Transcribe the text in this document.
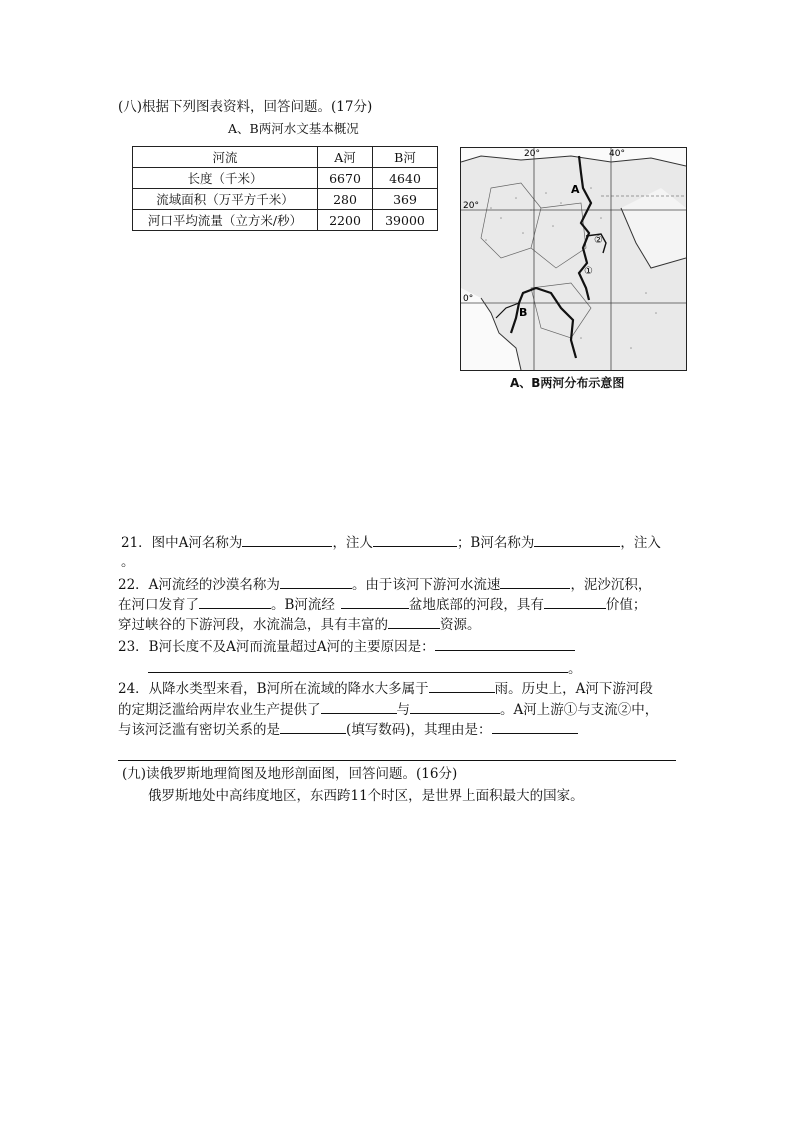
(八)根据下列图表资料，回答问题。(17分)
A、B两河水文基本概况
河流	A河	B河
长度（千米）	6670	4640
流域面积（万平方千米）	280	369
河口平均流量（立方米/秒）	2200	39000
20°	40°
20°
0°
A
B
②
①
A、B两河分布示意图
21．图中A河名称为	，注人	；B河名称为	，注入
。
22．A河流经的沙漠名称为	。由于该河下游河水流速	，泥沙沉积，
在河口发育了	。B河流经	盆地底部的河段，具有	价值；
穿过峡谷的下游河段，水流湍急，具有丰富的	资源。
23．B河长度不及A河而流量超过A河的主要原因是：
。
24．从降水类型来看，B河所在流域的降水大多属于	雨。历史上，A河下游河段
的定期泛滥给两岸农业生产提供了	与	。A河上游①与支流②中，
与该河泛滥有密切关系的是	(填写数码)，其理由是：
(九)读俄罗斯地理简图及地形剖面图，回答问题。(16分)
俄罗斯地处中高纬度地区，东西跨11个时区，是世界上面积最大的国家。
